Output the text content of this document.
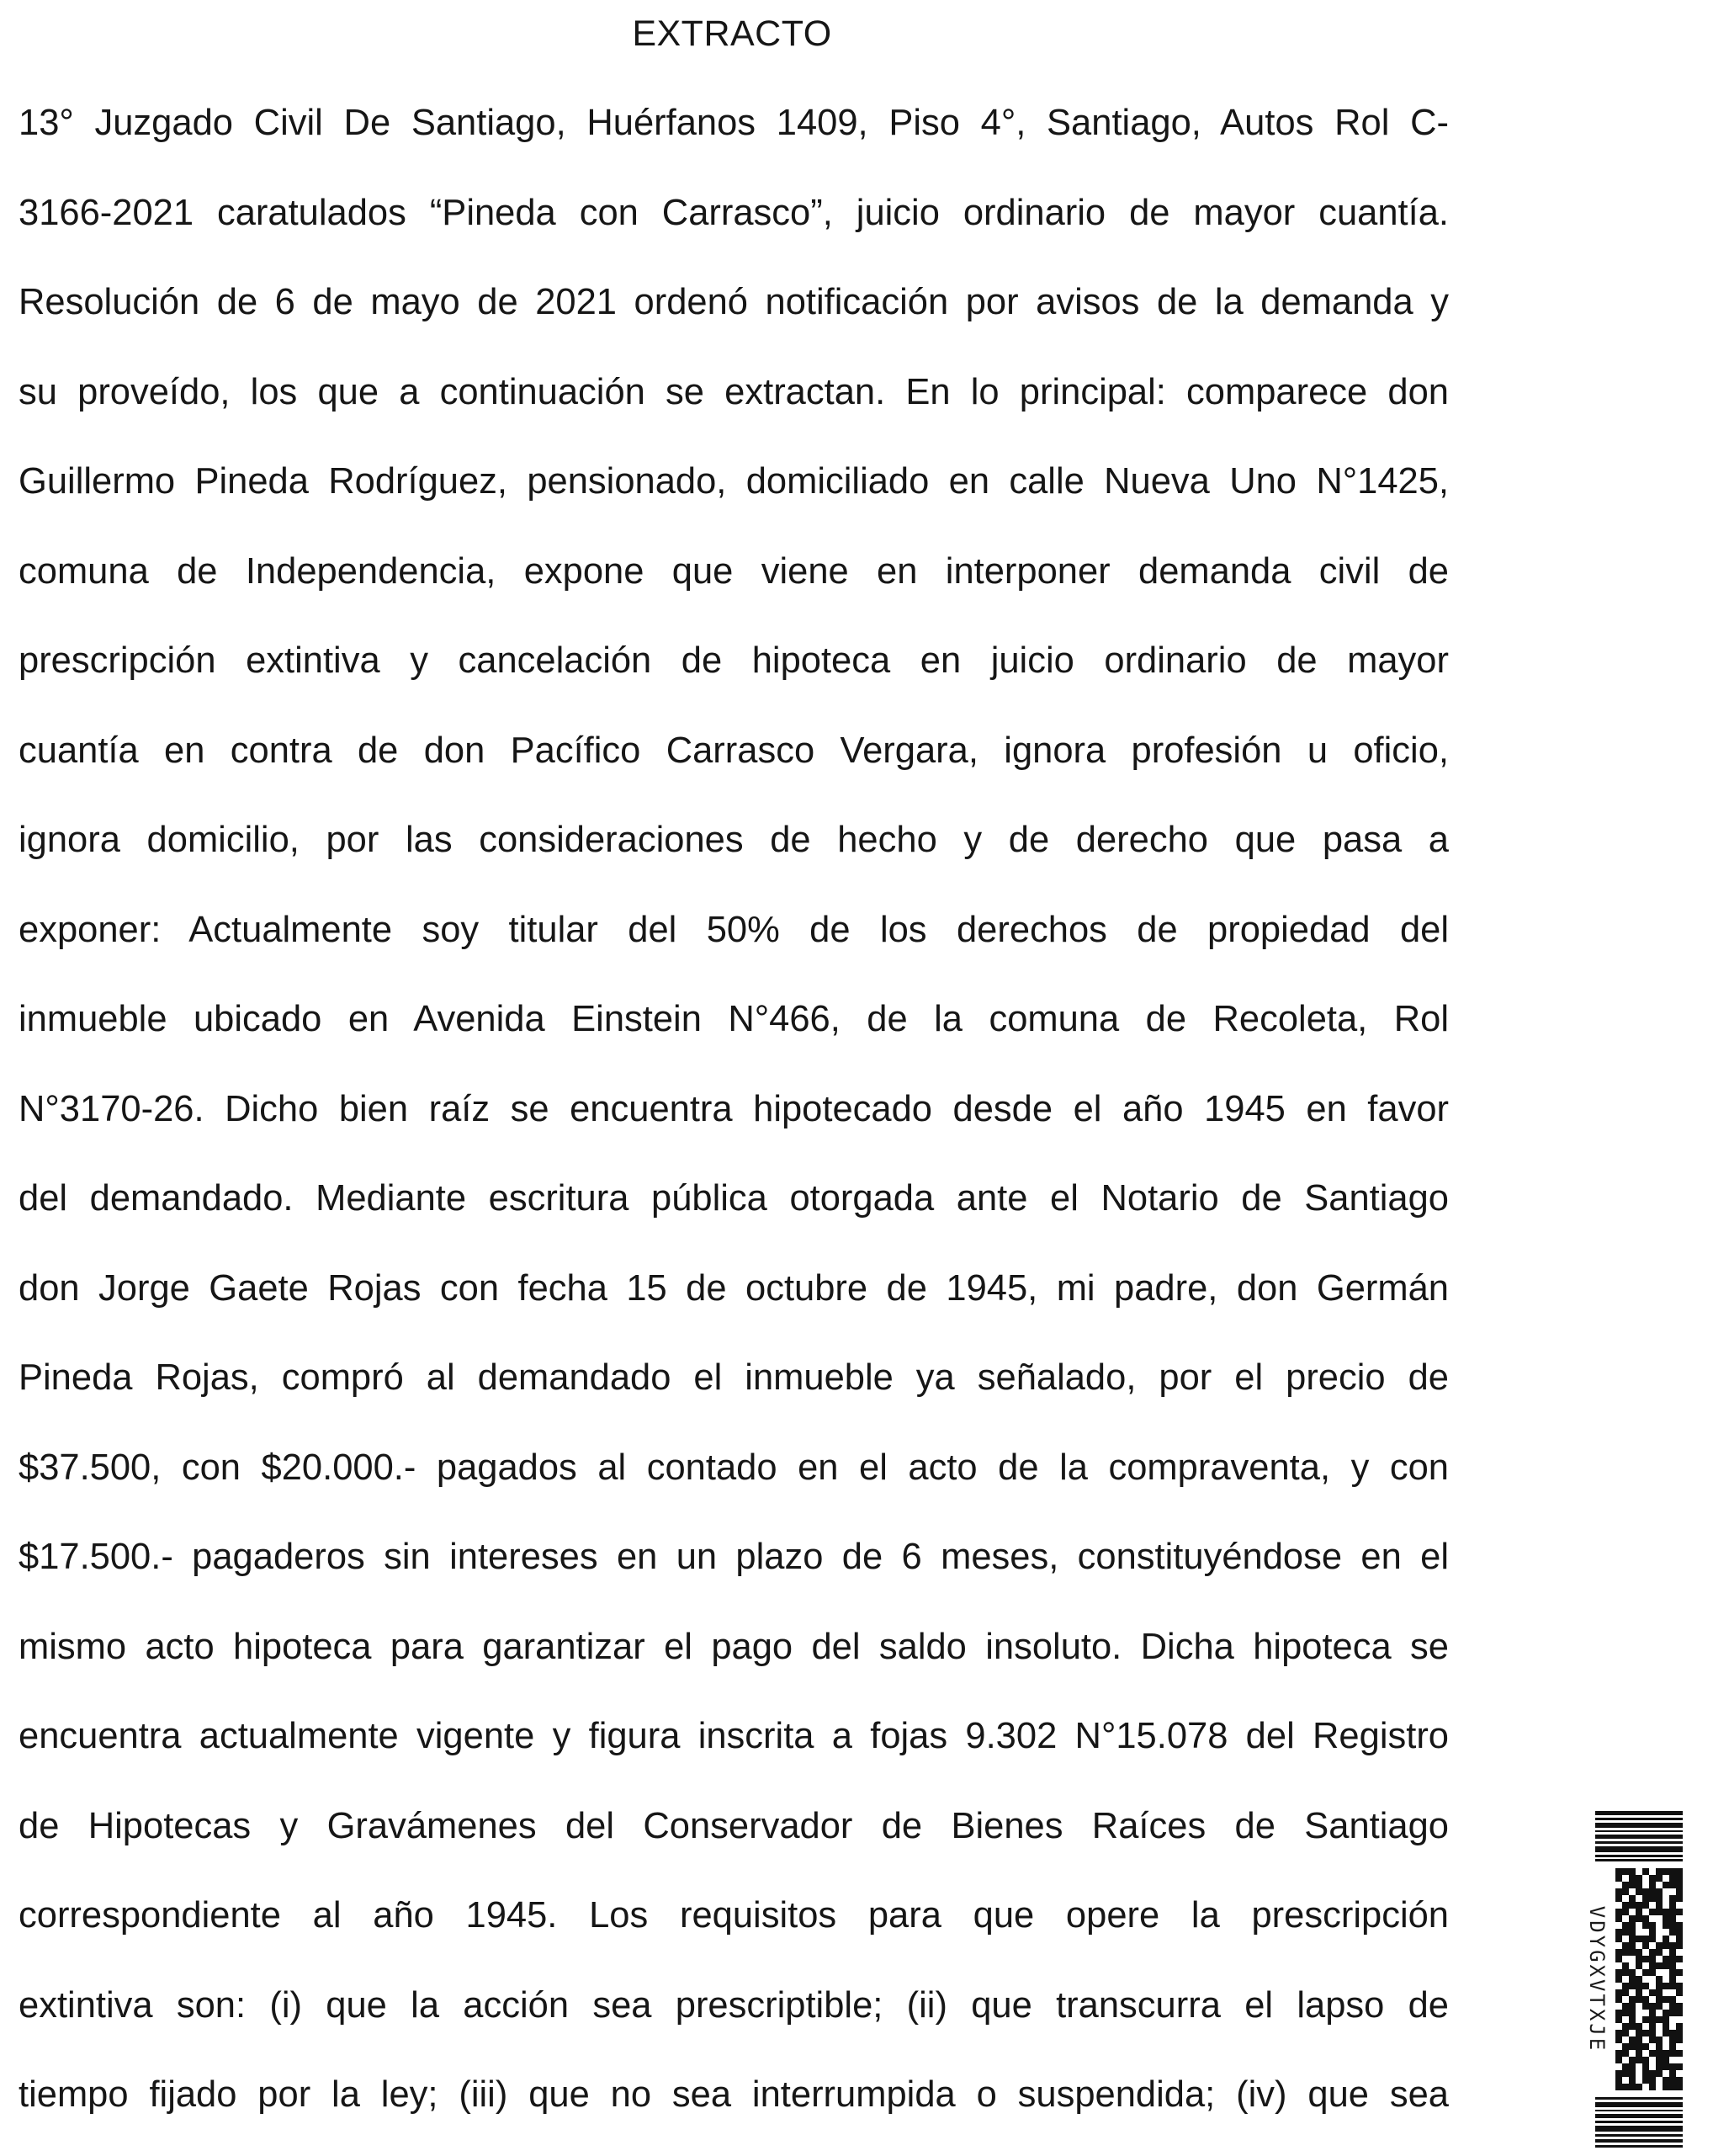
EXTRACTO
13° Juzgado Civil De Santiago, Huérfanos 1409, Piso 4°, Santiago, Autos Rol C-
3166-2021 caratulados “Pineda con Carrasco”, juicio ordinario de mayor cuantía.
Resolución de 6 de mayo de 2021 ordenó notificación por avisos de la demanda y
su proveído, los que a continuación se extractan. En lo principal: comparece don
Guillermo Pineda Rodríguez, pensionado, domiciliado en calle Nueva Uno N°1425,
comuna de Independencia, expone que viene en interponer demanda civil de
prescripción extintiva y cancelación de hipoteca en juicio ordinario de mayor
cuantía en contra de don Pacífico Carrasco Vergara, ignora profesión u oficio,
ignora domicilio, por las consideraciones de hecho y de derecho que pasa a
exponer: Actualmente soy titular del 50% de los derechos de propiedad del
inmueble ubicado en Avenida Einstein N°466, de la comuna de Recoleta, Rol
N°3170-26. Dicho bien raíz se encuentra hipotecado desde el año 1945 en favor
del demandado. Mediante escritura pública otorgada ante el Notario de Santiago
don Jorge Gaete Rojas con fecha 15 de octubre de 1945, mi padre, don Germán
Pineda Rojas, compró al demandado el inmueble ya señalado, por el precio de
$37.500, con $20.000.- pagados al contado en el acto de la compraventa, y con
$17.500.- pagaderos sin intereses en un plazo de 6 meses, constituyéndose en el
mismo acto hipoteca para garantizar el pago del saldo insoluto. Dicha hipoteca se
encuentra actualmente vigente y figura inscrita a fojas 9.302 N°15.078 del Registro
de Hipotecas y Gravámenes del Conservador de Bienes Raíces de Santiago
correspondiente al año 1945. Los requisitos para que opere la prescripción
extintiva son: (i) que la acción sea prescriptible; (ii) que transcurra el lapso de
tiempo fijado por la ley; (iii) que no sea interrumpida o suspendida; (iv) que sea
VDYGXVTXJE
